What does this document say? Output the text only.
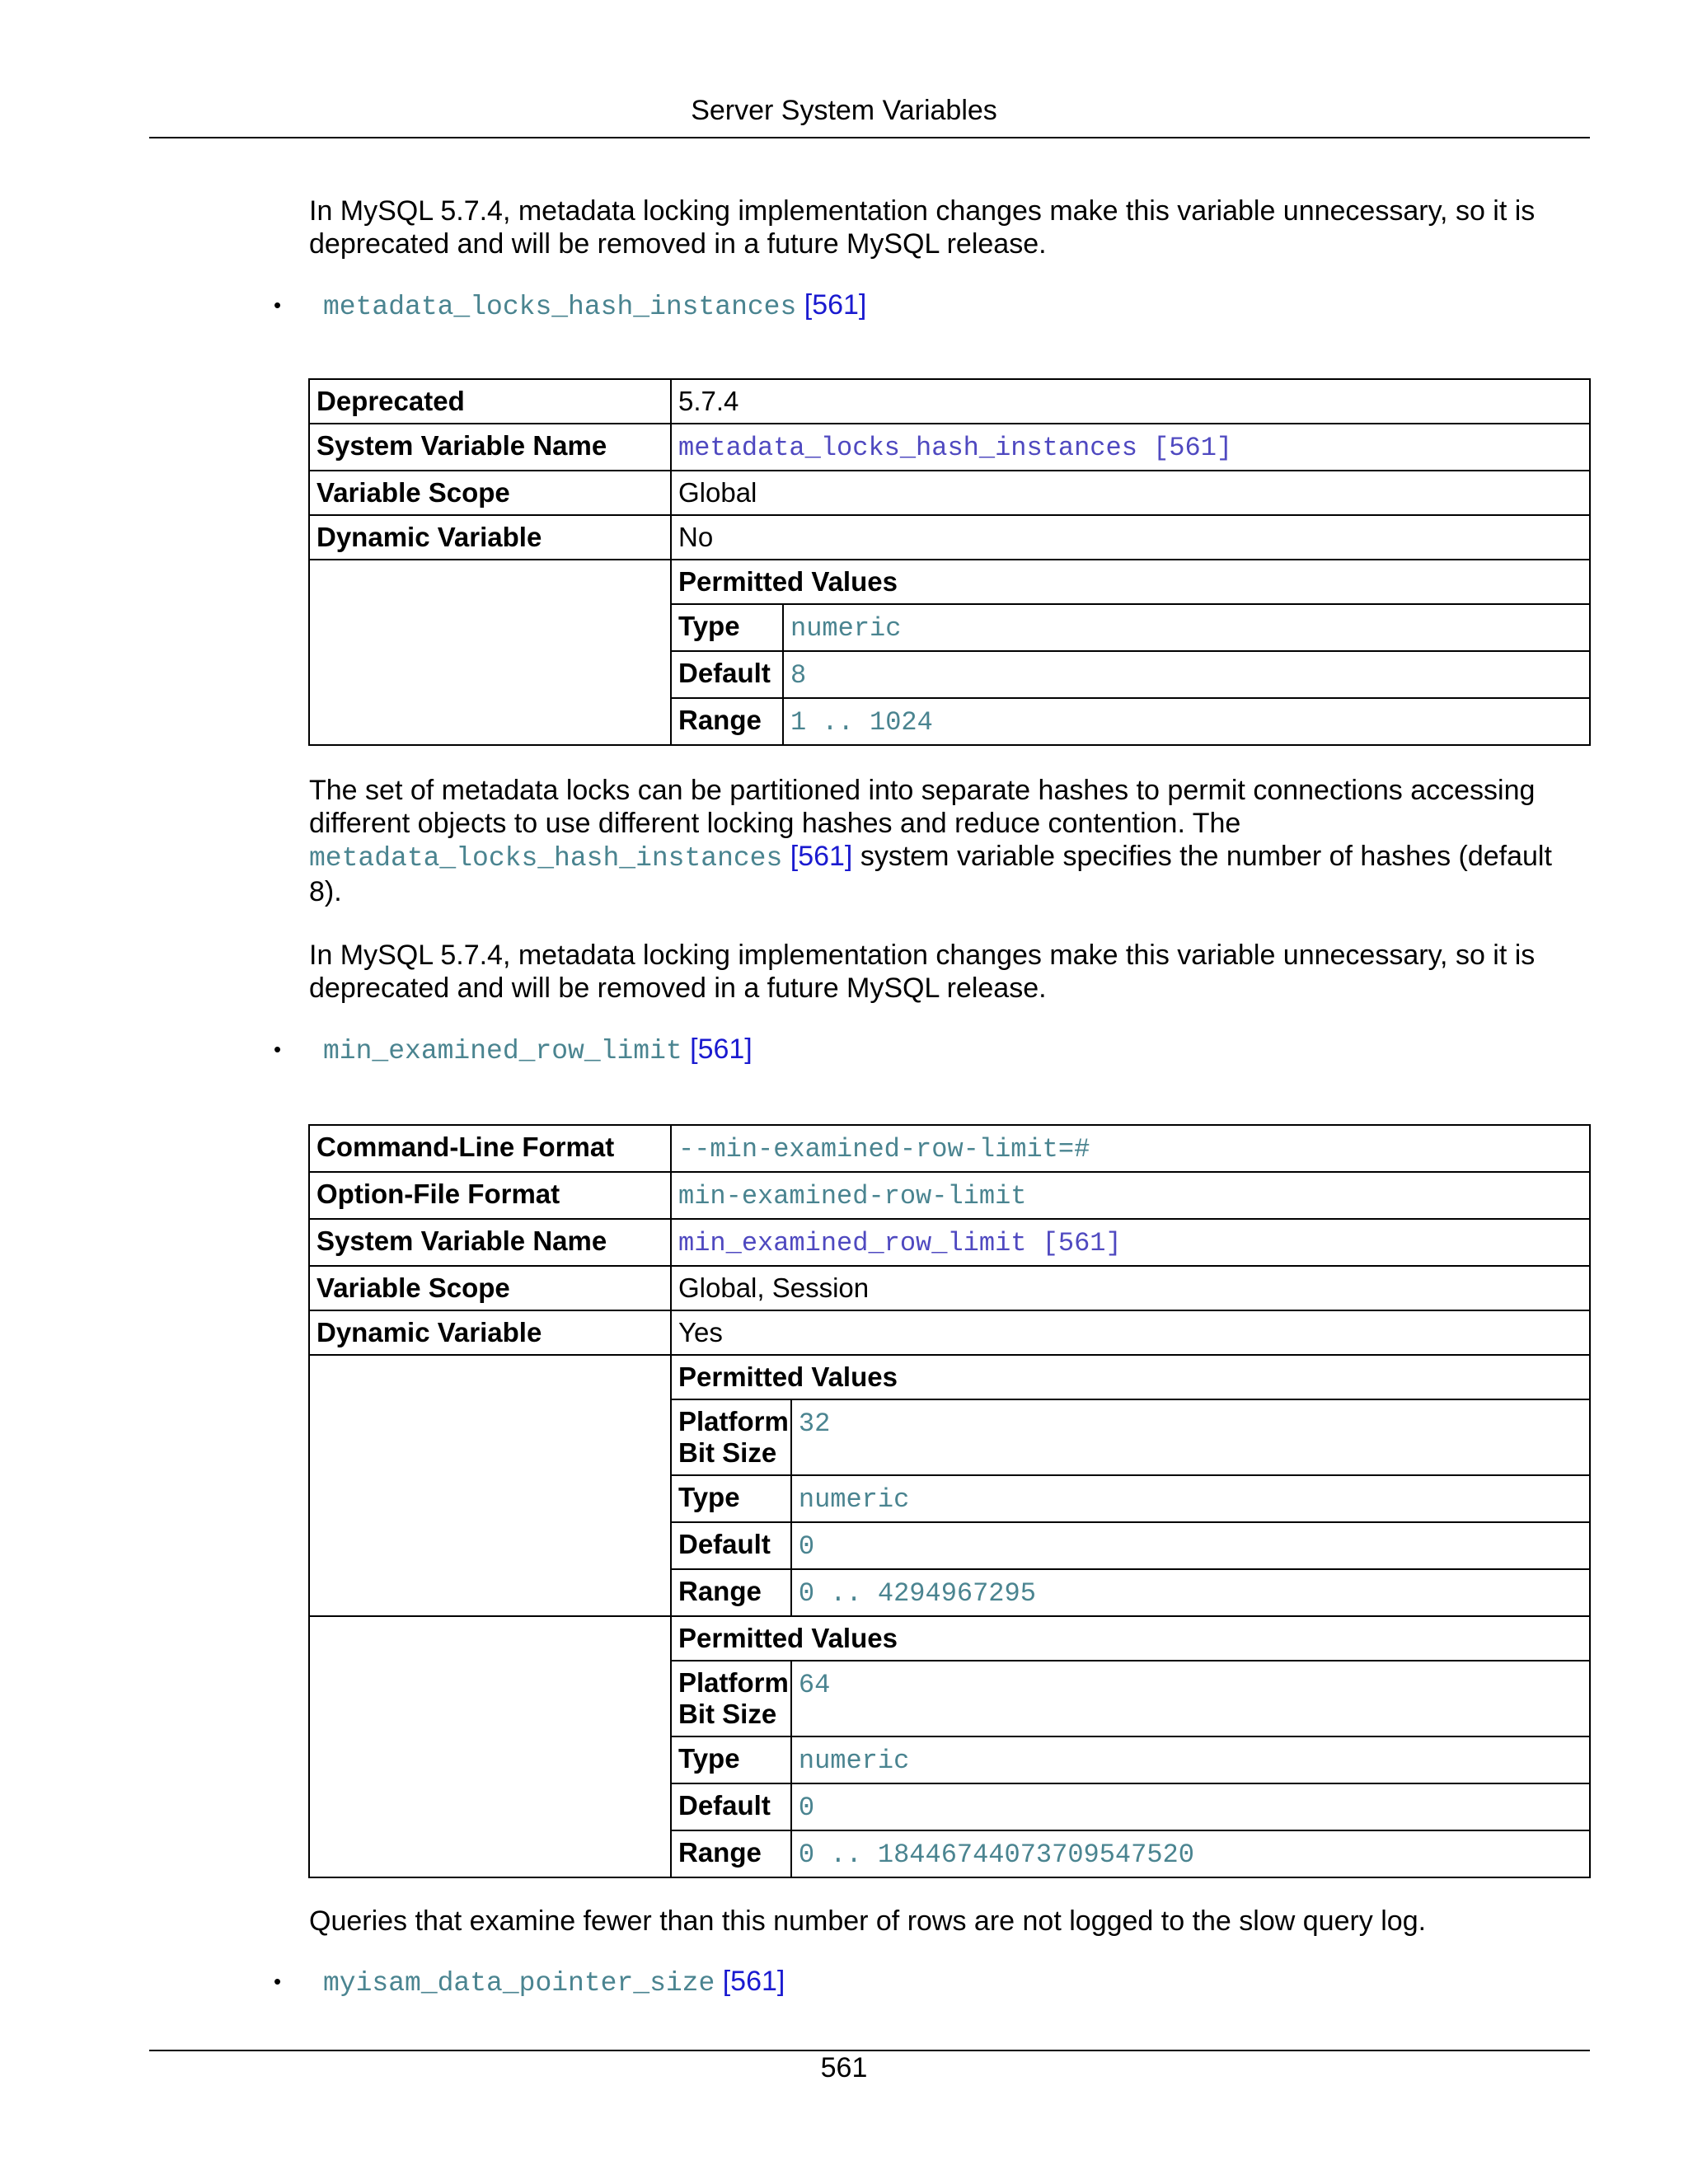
Server System Variables

In MySQL 5.7.4, metadata locking implementation changes make this variable unnecessary, so it is deprecated and will be removed in a future MySQL release.

• metadata_locks_hash_instances [561]
Deprecated	5.7.4
System Variable Name	metadata_locks_hash_instances [561]
Variable Scope	Global
Dynamic Variable	No

Permitted Values
Type	numeric
Default	8
Range	1 .. 1024

The set of metadata locks can be partitioned into separate hashes to permit connections accessing different objects to use different locking hashes and reduce contention. The metadata_locks_hash_instances [561] system variable specifies the number of hashes (default 8).

In MySQL 5.7.4, metadata locking implementation changes make this variable unnecessary, so it is deprecated and will be removed in a future MySQL release.

• min_examined_row_limit [561]
Command-Line Format	--min-examined-row-limit=#
Option-File Format	min-examined-row-limit
System Variable Name	min_examined_row_limit [561]
Variable Scope	Global, Session
Dynamic Variable	Yes

Permitted Values
Platform
Bit Size	32
Type	numeric
Default	0
Range	0 .. 4294967295

Permitted Values
Platform
Bit Size	64
Type	numeric
Default	0
Range	0 .. 18446744073709547520

Queries that examine fewer than this number of rows are not logged to the slow query log.

• myisam_data_pointer_size [561]
561
